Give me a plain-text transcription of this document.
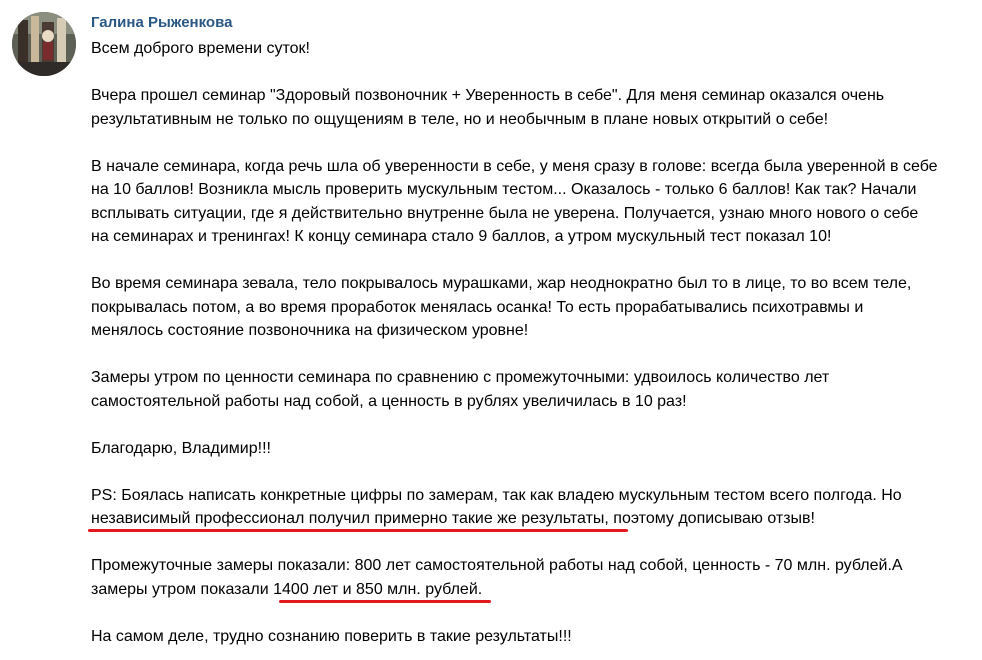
Галина Рыженкова
Всем доброго времени суток!
Вчера прошел семинар "Здоровый позвоночник + Уверенность в себе". Для меня семинар оказался очень
результативным не только по ощущениям в теле, но и необычным в плане новых открытий о себе!
В начале семинара, когда речь шла об уверенности в себе, у меня сразу в голове: всегда была уверенной в себе
на 10 баллов! Возникла мысль проверить мускульным тестом... Оказалось - только 6 баллов! Как так? Начали
всплывать ситуации, где я действительно внутренне была не уверена. Получается, узнаю много нового о себе
на семинарах и тренингах! К концу семинара стало 9 баллов, а утром мускульный тест показал 10!
Во время семинара зевала, тело покрывалось мурашками, жар неоднократно был то в лице, то во всем теле,
покрывалась потом, а во время проработок менялась осанка! То есть прорабатывались психотравмы и
менялось состояние позвоночника на физическом уровне!
Замеры утром по ценности семинара по сравнению с промежуточными: удвоилось количество лет
самостоятельной работы над собой, а ценность в рублях увеличилась в 10 раз!
Благодарю, Владимир!!!
PS: Боялась написать конкретные цифры по замерам, так как владею мускульным тестом всего полгода. Но
независимый профессионал получил примерно такие же результаты, поэтому дописываю отзыв!
Промежуточные замеры показали: 800 лет самостоятельной работы над собой, ценность - 70 млн. рублей.А
замеры утром показали 1400 лет и 850 млн. рублей.
На самом деле, трудно сознанию поверить в такие результаты!!!
